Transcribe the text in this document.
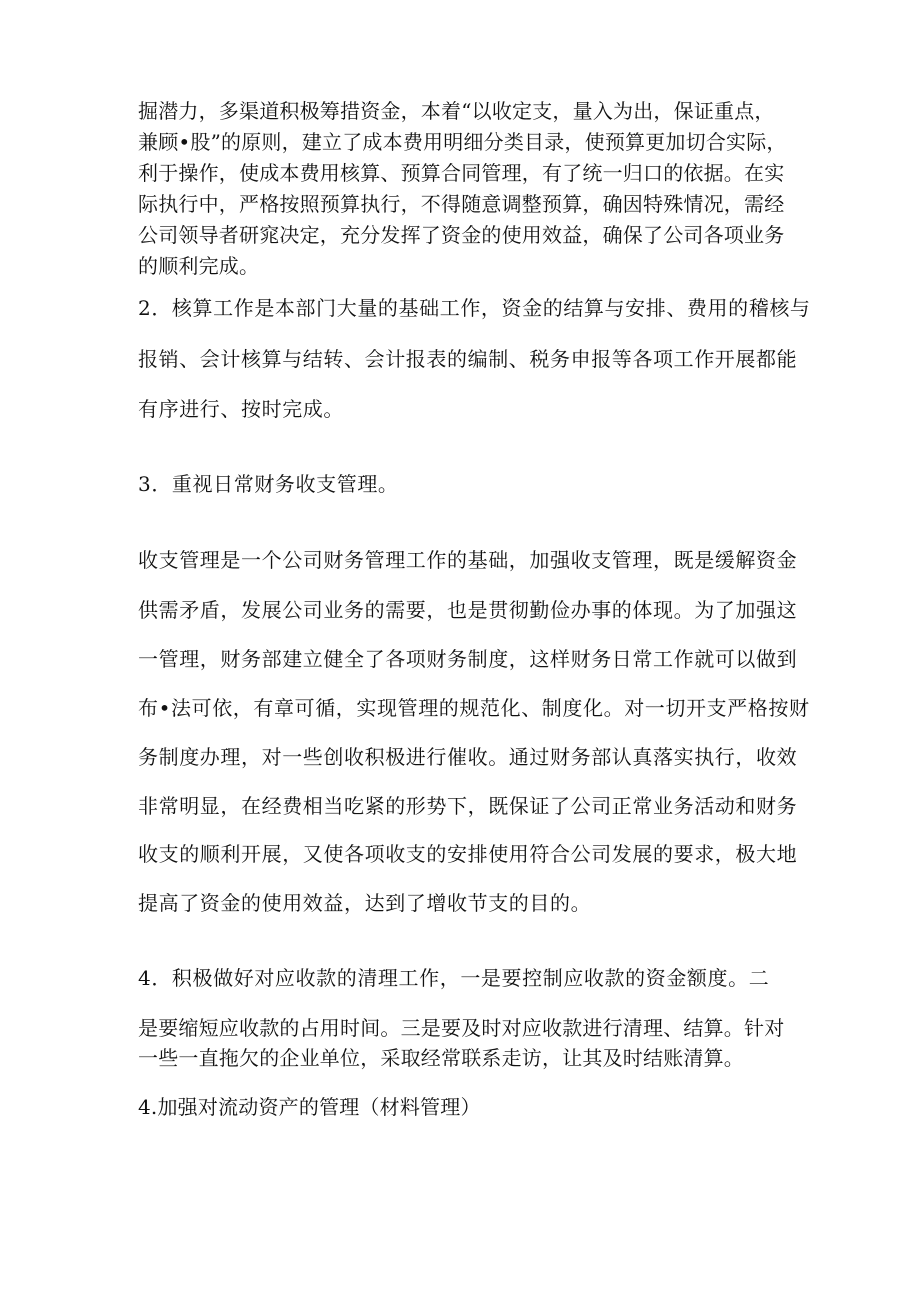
掘潜力，多渠道积极筹措资金，本着“以收定支，量入为出，保证重点，
兼顾•股”的原则，建立了成本费用明细分类目录，使预算更加切合实际，
利于操作，使成本费用核算、预算合同管理，有了统一归口的依据。在实
际执行中，严格按照预算执行，不得随意调整预算，确因特殊情况，需经
公司领导者研窕决定，充分发挥了资金的使用效益，确保了公司各项业务
的顺利完成。
2．核算工作是本部门大量的基础工作，资金的结算与安排、费用的稽核与
报销、会计核算与结转、会计报表的编制、税务申报等各项工作开展都能
有序进行、按时完成。
3．重视日常财务收支管理。
收支管理是一个公司财务管理工作的基础，加强收支管理，既是缓解资金
供需矛盾，发展公司业务的需要，也是贯彻勤俭办事的体现。为了加强这
一管理，财务部建立健全了各项财务制度，这样财务日常工作就可以做到
布•法可依，有章可循，实现管理的规范化、制度化。对一切开支严格按财
务制度办理，对一些创收积极进行催收。通过财务部认真落实执行，收效
非常明显，在经费相当吃紧的形势下，既保证了公司正常业务活动和财务
收支的顺利开展，又使各项收支的安排使用符合公司发展的要求，极大地
提高了资金的使用效益，达到了增收节支的目的。
4．积极做好对应收款的清理工作，一是要控制应收款的资金额度。二
是要缩短应收款的占用时间。三是要及时对应收款进行清理、结算。针对
一些一直拖欠的企业单位，采取经常联系走访，让其及时结账清算。
4.加强对流动资产的管理（材料管理）
